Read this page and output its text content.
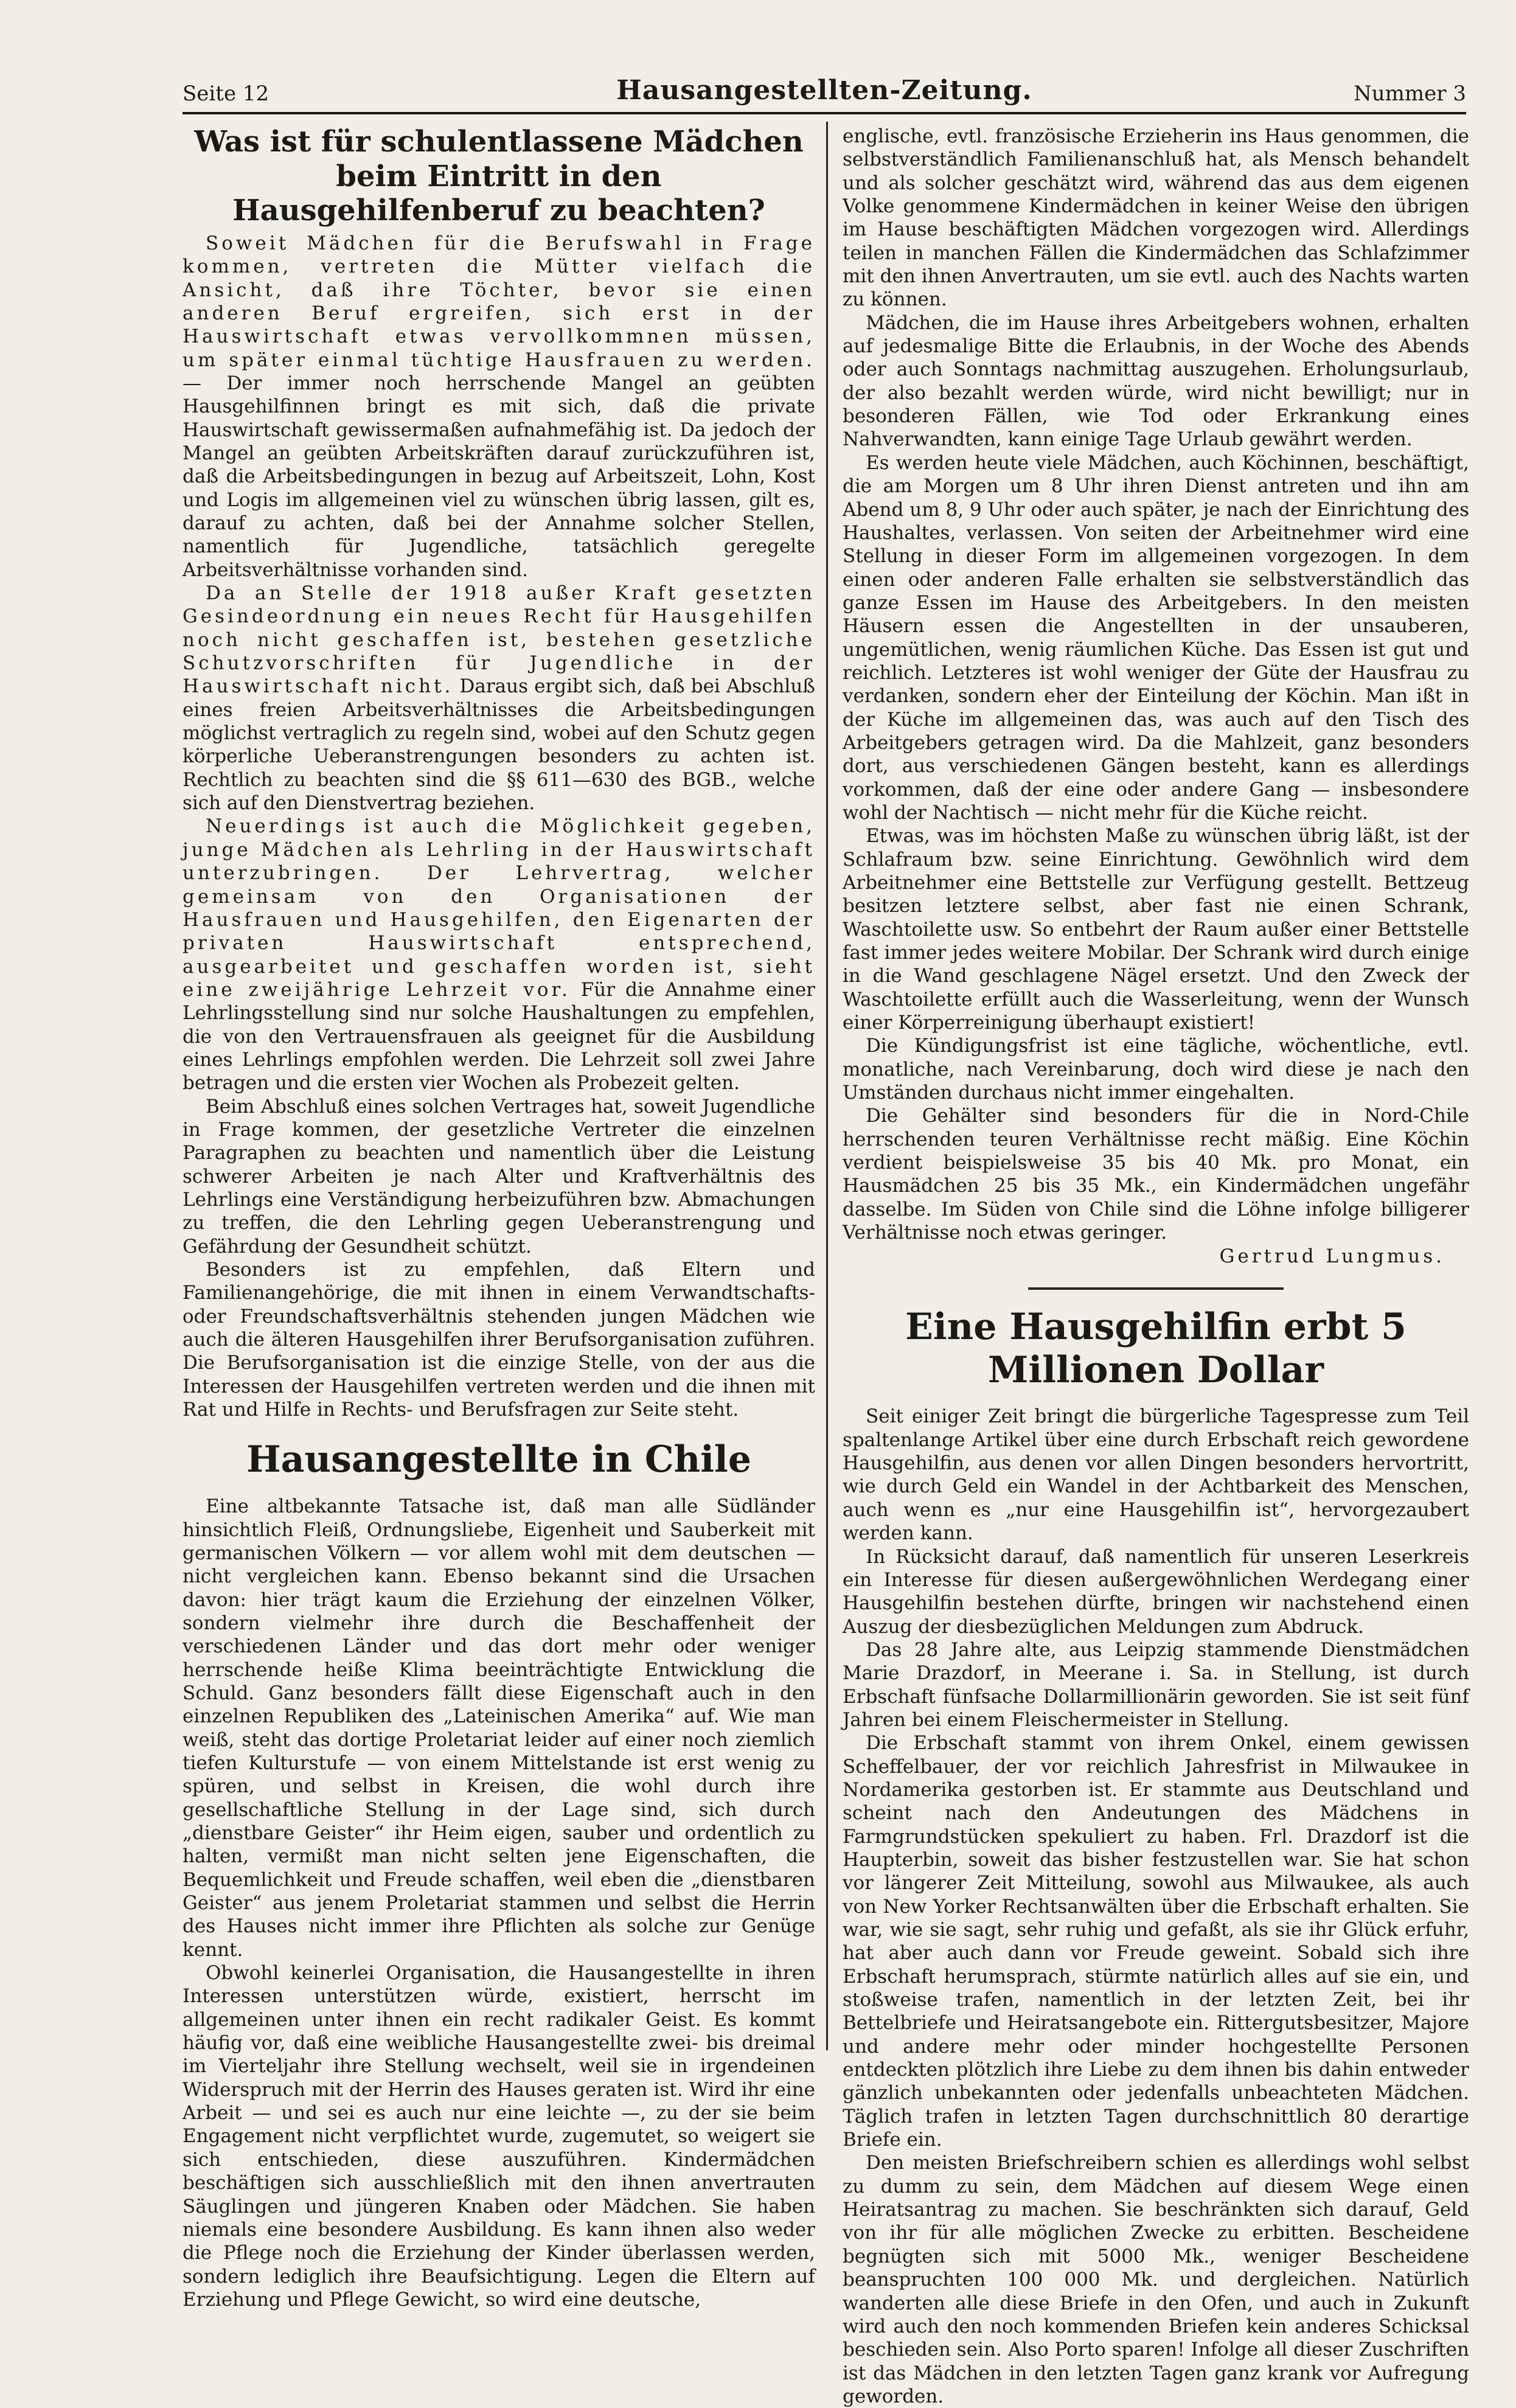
Seite 12	Hausangestellten-Zeitung.	Nummer 3
Was ist für schulentlassene Mädchen beim Eintritt in den Hausgehilfenberuf zu beachten?

Soweit Mädchen für die Berufswahl in Frage kommen, vertreten die Mütter vielfach die Ansicht, daß ihre Töchter, bevor sie einen anderen Beruf ergreifen, sich erst in der Hauswirtschaft etwas vervollkommnen müssen, um später einmal tüchtige Hausfrauen zu werden. — Der immer noch herrschende Mangel an geübten Hausgehilfinnen bringt es mit sich, daß die private Hauswirtschaft gewissermaßen aufnahmefähig ist. Da jedoch der Mangel an geübten Arbeitskräften darauf zurückzuführen ist, daß die Arbeitsbedingungen in bezug auf Arbeitszeit, Lohn, Kost und Logis im allgemeinen viel zu wünschen übrig lassen, gilt es, darauf zu achten, daß bei der Annahme solcher Stellen, namentlich für Jugendliche, tatsächlich geregelte Arbeitsverhältnisse vorhanden sind.

Da an Stelle der 1918 außer Kraft gesetzten Gesindeordnung ein neues Recht für Hausgehilfen noch nicht geschaffen ist, bestehen gesetzliche Schutzvorschriften für Jugendliche in der Hauswirtschaft nicht. Daraus ergibt sich, daß bei Abschluß eines freien Arbeitsverhältnisses die Arbeitsbedingungen möglichst vertraglich zu regeln sind, wobei auf den Schutz gegen körperliche Ueberanstrengungen besonders zu achten ist. Rechtlich zu beachten sind die §§ 611—630 des BGB., welche sich auf den Dienstvertrag beziehen.

Neuerdings ist auch die Möglichkeit gegeben, junge Mädchen als Lehrling in der Hauswirtschaft unterzubringen. Der Lehrvertrag, welcher gemeinsam von den Organisationen der Hausfrauen und Hausgehilfen, den Eigenarten der privaten Hauswirtschaft entsprechend, ausgearbeitet und geschaffen worden ist, sieht eine zweijährige Lehrzeit vor. Für die Annahme einer Lehrlingsstellung sind nur solche Haushaltungen zu empfehlen, die von den Vertrauensfrauen als geeignet für die Ausbildung eines Lehrlings empfohlen werden. Die Lehrzeit soll zwei Jahre betragen und die ersten vier Wochen als Probezeit gelten.

Beim Abschluß eines solchen Vertrages hat, soweit Jugendliche in Frage kommen, der gesetzliche Vertreter die einzelnen Paragraphen zu beachten und namentlich über die Leistung schwerer Arbeiten je nach Alter und Kraftverhältnis des Lehrlings eine Verständigung herbeizuführen bzw. Abmachungen zu treffen, die den Lehrling gegen Ueberanstrengung und Gefährdung der Gesundheit schützt.

Besonders ist zu empfehlen, daß Eltern und Familienangehörige, die mit ihnen in einem Verwandtschafts- oder Freundschaftsverhältnis stehenden jungen Mädchen wie auch die älteren Hausgehilfen ihrer Berufsorganisation zuführen. Die Berufsorganisation ist die einzige Stelle, von der aus die Interessen der Hausgehilfen vertreten werden und die ihnen mit Rat und Hilfe in Rechts- und Berufsfragen zur Seite steht.

Hausangestellte in Chile

Eine altbekannte Tatsache ist, daß man alle Südländer hinsichtlich Fleiß, Ordnungsliebe, Eigenheit und Sauberkeit mit germanischen Völkern — vor allem wohl mit dem deutschen — nicht vergleichen kann. Ebenso bekannt sind die Ursachen davon: hier trägt kaum die Erziehung der einzelnen Völker, sondern vielmehr ihre durch die Beschaffenheit der verschiedenen Länder und das dort mehr oder weniger herrschende heiße Klima beeinträchtigte Entwicklung die Schuld. Ganz besonders fällt diese Eigenschaft auch in den einzelnen Republiken des „Lateinischen Amerika“ auf. Wie man weiß, steht das dortige Proletariat leider auf einer noch ziemlich tiefen Kulturstufe — von einem Mittelstande ist erst wenig zu spüren, und selbst in Kreisen, die wohl durch ihre gesellschaftliche Stellung in der Lage sind, sich durch „dienstbare Geister“ ihr Heim eigen, sauber und ordentlich zu halten, vermißt man nicht selten jene Eigenschaften, die Bequemlichkeit und Freude schaffen, weil eben die „dienstbaren Geister“ aus jenem Proletariat stammen und selbst die Herrin des Hauses nicht immer ihre Pflichten als solche zur Genüge kennt.

Obwohl keinerlei Organisation, die Hausangestellte in ihren Interessen unterstützen würde, existiert, herrscht im allgemeinen unter ihnen ein recht radikaler Geist. Es kommt häufig vor, daß eine weibliche Hausangestellte zwei- bis dreimal im Vierteljahr ihre Stellung wechselt, weil sie in irgendeinen Widerspruch mit der Herrin des Hauses geraten ist. Wird ihr eine Arbeit — und sei es auch nur eine leichte —, zu der sie beim Engagement nicht verpflichtet wurde, zugemutet, so weigert sie sich entschieden, diese auszuführen. Kindermädchen beschäftigen sich ausschließlich mit den ihnen anvertrauten Säuglingen und jüngeren Knaben oder Mädchen. Sie haben niemals eine besondere Ausbildung. Es kann ihnen also weder die Pflege noch die Erziehung der Kinder überlassen werden, sondern lediglich ihre Beaufsichtigung. Legen die Eltern auf Erziehung und Pflege Gewicht, so wird eine deutsche,

englische, evtl. französische Erzieherin ins Haus genommen, die selbstverständlich Familienanschluß hat, als Mensch behandelt und als solcher geschätzt wird, während das aus dem eigenen Volke genommene Kindermädchen in keiner Weise den übrigen im Hause beschäftigten Mädchen vorgezogen wird. Allerdings teilen in manchen Fällen die Kindermädchen das Schlafzimmer mit den ihnen Anvertrauten, um sie evtl. auch des Nachts warten zu können.

Mädchen, die im Hause ihres Arbeitgebers wohnen, erhalten auf jedesmalige Bitte die Erlaubnis, in der Woche des Abends oder auch Sonntags nachmittag auszugehen. Erholungsurlaub, der also bezahlt werden würde, wird nicht bewilligt; nur in besonderen Fällen, wie Tod oder Erkrankung eines Nahverwandten, kann einige Tage Urlaub gewährt werden.

Es werden heute viele Mädchen, auch Köchinnen, beschäftigt, die am Morgen um 8 Uhr ihren Dienst antreten und ihn am Abend um 8, 9 Uhr oder auch später, je nach der Einrichtung des Haushaltes, verlassen. Von seiten der Arbeitnehmer wird eine Stellung in dieser Form im allgemeinen vorgezogen. In dem einen oder anderen Falle erhalten sie selbstverständlich das ganze Essen im Hause des Arbeitgebers. In den meisten Häusern essen die Angestellten in der unsauberen, ungemütlichen, wenig räumlichen Küche. Das Essen ist gut und reichlich. Letzteres ist wohl weniger der Güte der Hausfrau zu verdanken, sondern eher der Einteilung der Köchin. Man ißt in der Küche im allgemeinen das, was auch auf den Tisch des Arbeitgebers getragen wird. Da die Mahlzeit, ganz besonders dort, aus verschiedenen Gängen besteht, kann es allerdings vorkommen, daß der eine oder andere Gang — insbesondere wohl der Nachtisch — nicht mehr für die Küche reicht.

Etwas, was im höchsten Maße zu wünschen übrig läßt, ist der Schlafraum bzw. seine Einrichtung. Gewöhnlich wird dem Arbeitnehmer eine Bettstelle zur Verfügung gestellt. Bettzeug besitzen letztere selbst, aber fast nie einen Schrank, Waschtoilette usw. So entbehrt der Raum außer einer Bettstelle fast immer jedes weitere Mobilar. Der Schrank wird durch einige in die Wand geschlagene Nägel ersetzt. Und den Zweck der Waschtoilette erfüllt auch die Wasserleitung, wenn der Wunsch einer Körperreinigung überhaupt existiert!

Die Kündigungsfrist ist eine tägliche, wöchentliche, evtl. monatliche, nach Vereinbarung, doch wird diese je nach den Umständen durchaus nicht immer eingehalten.

Die Gehälter sind besonders für die in Nord-Chile herrschenden teuren Verhältnisse recht mäßig. Eine Köchin verdient beispielsweise 35 bis 40 Mk. pro Monat, ein Hausmädchen 25 bis 35 Mk., ein Kindermädchen ungefähr dasselbe. Im Süden von Chile sind die Löhne infolge billigerer Verhältnisse noch etwas geringer.

Gertrud Lungmus.

Eine Hausgehilfin erbt 5 Millionen Dollar

Seit einiger Zeit bringt die bürgerliche Tagespresse zum Teil spaltenlange Artikel über eine durch Erbschaft reich gewordene Hausgehilfin, aus denen vor allen Dingen besonders hervortritt, wie durch Geld ein Wandel in der Achtbarkeit des Menschen, auch wenn es „nur eine Hausgehilfin ist“, hervorgezaubert werden kann.

In Rücksicht darauf, daß namentlich für unseren Leserkreis ein Interesse für diesen außergewöhnlichen Werdegang einer Hausgehilfin bestehen dürfte, bringen wir nachstehend einen Auszug der diesbezüglichen Meldungen zum Abdruck.

Das 28 Jahre alte, aus Leipzig stammende Dienstmädchen Marie Drazdorf, in Meerane i. Sa. in Stellung, ist durch Erbschaft fünfsache Dollarmillionärin geworden. Sie ist seit fünf Jahren bei einem Fleischermeister in Stellung.

Die Erbschaft stammt von ihrem Onkel, einem gewissen Scheffelbauer, der vor reichlich Jahresfrist in Milwaukee in Nordamerika gestorben ist. Er stammte aus Deutschland und scheint nach den Andeutungen des Mädchens in Farmgrundstücken spekuliert zu haben. Frl. Drazdorf ist die Haupterbin, soweit das bisher festzustellen war. Sie hat schon vor längerer Zeit Mitteilung, sowohl aus Milwaukee, als auch von New Yorker Rechtsanwälten über die Erbschaft erhalten. Sie war, wie sie sagt, sehr ruhig und gefaßt, als sie ihr Glück erfuhr, hat aber auch dann vor Freude geweint. Sobald sich ihre Erbschaft herumsprach, stürmte natürlich alles auf sie ein, und stoßweise trafen, namentlich in der letzten Zeit, bei ihr Bettelbriefe und Heiratsangebote ein. Rittergutsbesitzer, Majore und andere mehr oder minder hochgestellte Personen entdeckten plötzlich ihre Liebe zu dem ihnen bis dahin entweder gänzlich unbekannten oder jedenfalls unbeachteten Mädchen. Täglich trafen in letzten Tagen durchschnittlich 80 derartige Briefe ein.

Den meisten Briefschreibern schien es allerdings wohl selbst zu dumm zu sein, dem Mädchen auf diesem Wege einen Heiratsantrag zu machen. Sie beschränkten sich darauf, Geld von ihr für alle möglichen Zwecke zu erbitten. Bescheidene begnügten sich mit 5000 Mk., weniger Bescheidene beanspruchten 100 000 Mk. und dergleichen. Natürlich wanderten alle diese Briefe in den Ofen, und auch in Zukunft wird auch den noch kommenden Briefen kein anderes Schicksal beschieden sein. Also Porto sparen! Infolge all dieser Zuschriften ist das Mädchen in den letzten Tagen ganz krank vor Aufregung geworden.
